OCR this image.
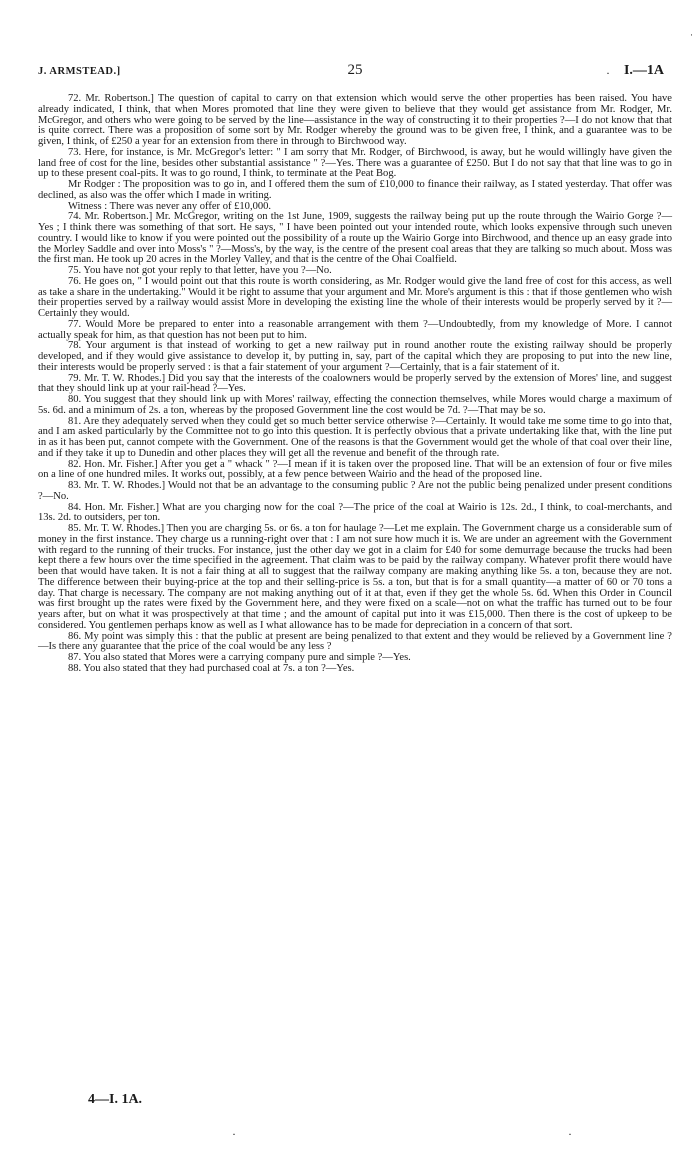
J. ARMSTEAD.]	25	· I.—1A

72. Mr. Robertson.] The question of capital to carry on that extension which would serve the other properties has been raised. You have already indicated, I think, that when Mores promoted that line they were given to believe that they would get assistance from Mr. Rodger, Mr. McGregor, and others who were going to be served by the line—assistance in the way of constructing it to their properties ?—I do not know that that is quite correct. There was a proposition of some sort by Mr. Rodger whereby the ground was to be given free, I think, and a guarantee was to be given, I think, of £250 a year for an extension from there in through to Birchwood way.

73. Here, for instance, is Mr. McGregor's letter: " I am sorry that Mr. Rodger, of Birchwood, is away, but he would willingly have given the land free of cost for the line, besides other substantial assistance " ?—Yes. There was a guarantee of £250. But I do not say that that line was to go in up to these present coal-pits. It was to go round, I think, to terminate at the Peat Bog.

Mr Rodger : The proposition was to go in, and I offered them the sum of £10,000 to finance their railway, as I stated yesterday. That offer was declined, as also was the offer which I made in writing.

Witness : There was never any offer of £10,000.

74. Mr. Robertson.] Mr. McGregor, writing on the 1st June, 1909, suggests the railway being put up the route through the Wairio Gorge ?—Yes ; I think there was something of that sort. He says, " I have been pointed out your intended route, which looks expensive through such uneven country. I would like to know if you were pointed out the possibility of a route up the Wairio Gorge into Birchwood, and thence up an easy grade into the Morley Saddle and over into Moss's " ?—Moss's, by the way, is the centre of the present coal areas that they are talking so much about. Moss was the first man. He took up 20 acres in the Morley Valley, and that is the centre of the Ohai Coalfield.

75. You have not got your reply to that letter, have you ?—No.

76. He goes on, " I would point out that this route is worth considering, as Mr. Rodger would give the land free of cost for this access, as well as take a share in the undertaking." Would it be right to assume that your argument and Mr. More's argument is this : that if those gentlemen who wish their properties served by a railway would assist More in developing the existing line the whole of their interests would be properly served by it ?—Certainly they would.

77. Would More be prepared to enter into a reasonable arrangement with them ?—Undoubtedly, from my knowledge of More. I cannot actually speak for him, as that question has not been put to him.

78. Your argument is that instead of working to get a new railway put in round another route the existing railway should be properly developed, and if they would give assistance to develop it, by putting in, say, part of the capital which they are proposing to put into the new line, their interests would be properly served : is that a fair statement of your argument ?—Certainly, that is a fair statement of it.

79. Mr. T. W. Rhodes.] Did you say that the interests of the coalowners would be properly served by the extension of Mores' line, and suggest that they should link up at your rail-head ?—Yes.

80. You suggest that they should link up with Mores' railway, effecting the connection themselves, while Mores would charge a maximum of 5s. 6d. and a minimum of 2s. a ton, whereas by the proposed Government line the cost would be 7d. ?—That may be so.

81. Are they adequately served when they could get so much better service otherwise ?—Certainly. It would take me some time to go into that, and I am asked particularly by the Committee not to go into this question. It is perfectly obvious that a private undertaking like that, with the line put in as it has been put, cannot compete with the Government. One of the reasons is that the Government would get the whole of that coal over their line, and if they take it up to Dunedin and other places they will get all the revenue and benefit of the through rate.

82. Hon. Mr. Fisher.] After you get a " whack " ?—I mean if it is taken over the proposed line. That will be an extension of four or five miles on a line of one hundred miles. It works out, possibly, at a few pence between Wairio and the head of the proposed line.

83. Mr. T. W. Rhodes.] Would not that be an advantage to the consuming public ? Are not the public being penalized under present conditions ?—No.

84. Hon. Mr. Fisher.] What are you charging now for the coal ?—The price of the coal at Wairio is 12s. 2d., I think, to coal-merchants, and 13s. 2d. to outsiders, per ton.

85. Mr. T. W. Rhodes.] Then you are charging 5s. or 6s. a ton for haulage ?—Let me explain. The Government charge us a considerable sum of money in the first instance. They charge us a running-right over that : I am not sure how much it is. We are under an agreement with the Government with regard to the running of their trucks. For instance, just the other day we got in a claim for £40 for some demurrage because the trucks had been kept there a few hours over the time specified in the agreement. That claim was to be paid by the railway company. Whatever profit there would have been that would have taken. It is not a fair thing at all to suggest that the railway company are making anything like 5s. a ton, because they are not. The difference between their buying-price at the top and their selling-price is 5s. a ton, but that is for a small quantity—a matter of 60 or 70 tons a day. That charge is necessary. The company are not making anything out of it at that, even if they get the whole 5s. 6d. When this Order in Council was first brought up the rates were fixed by the Government here, and they were fixed on a scale—not on what the traffic has turned out to be four years after, but on what it was prospectively at that time ; and the amount of capital put into it was £15,000. Then there is the cost of upkeep to be considered. You gentlemen perhaps know as well as I what allowance has to be made for depreciation in a concern of that sort.

86. My point was simply this : that the public at present are being penalized to that extent and they would be relieved by a Government line ?—Is there any guarantee that the price of the coal would be any less ?

87. You also stated that Mores were a carrying company pure and simple ?—Yes.

88. You also stated that they had purchased coal at 7s. a ton ?—Yes.

4—I. 1A.
·	·
·
